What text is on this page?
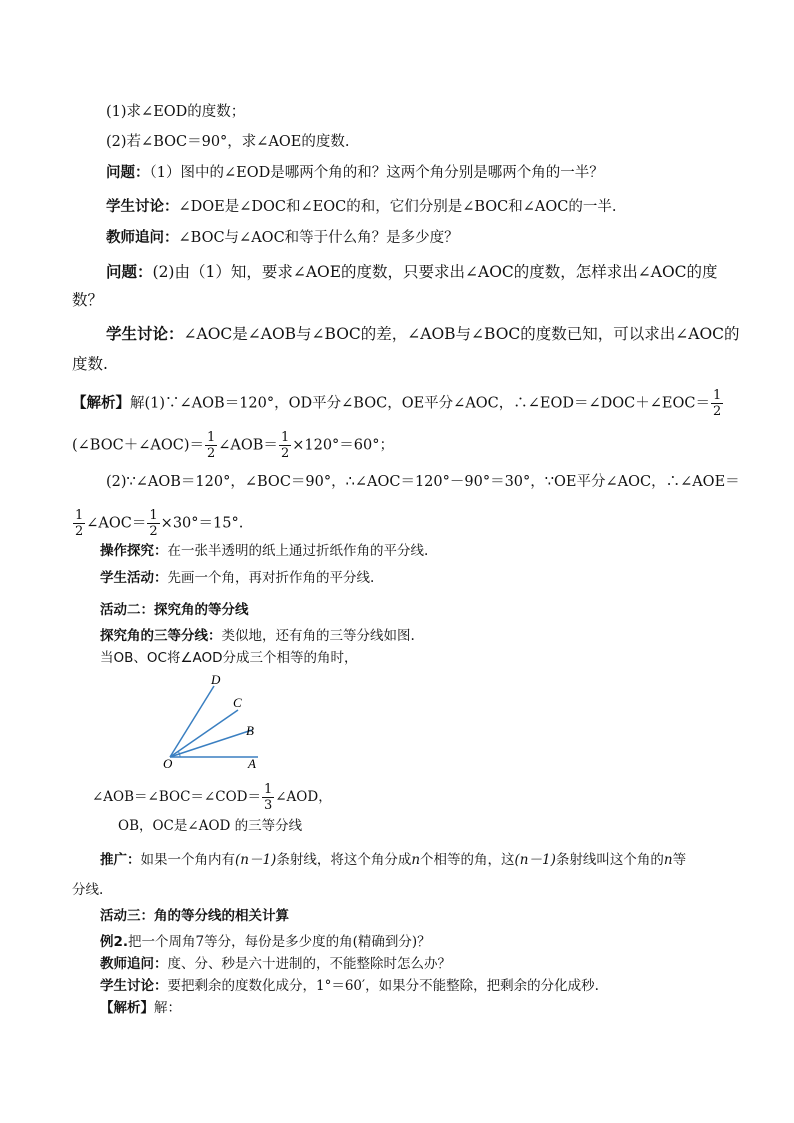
(1)求∠EOD的度数；
(2)若∠BOC＝90°，求∠AOE的度数.
问题：（1）图中的∠EOD是哪两个角的和？这两个角分别是哪两个角的一半？
学生讨论：∠DOE是∠DOC和∠EOC的和，它们分别是∠BOC和∠AOC的一半.
教师追问：∠BOC与∠AOC和等于什么角？是多少度？
问题：(2)由（1）知，要求∠AOE的度数，只要求出∠AOC的度数，怎样求出∠AOC的度
数？
学生讨论：∠AOC是∠AOB与∠BOC的差，∠AOB与∠BOC的度数已知，可以求出∠AOC的
度数.
【解析】解(1)∵∠AOB＝120°，OD平分∠BOC，OE平分∠AOC，∴∠EOD＝∠DOC＋∠EOC＝ $\frac{1}{2}$
(∠BOC＋∠AOC)＝ $\frac{1}{2}$ ∠AOB＝ $\frac{1}{2} \times 120^\circ=60^\circ$；
(2)∵∠AOB＝120°，∠BOC＝90°，∴∠AOC＝120°－90°＝30°，∵OE平分∠AOC，∴∠AOE＝
$\frac{1}{2}$ ∠AOC＝ $\frac{1}{2} \times 30^\circ=15^\circ$.
操作探究：在一张半透明的纸上通过折纸作角的平分线.
学生活动：先画一个角，再对折作角的平分线.
活动二：探究角的等分线
探究角的三等分线：类似地，还有角的三等分线如图.
当OB、OC将∠AOD分成三个相等的角时，
D
C
B
O	A
∠AOB＝∠BOC＝∠COD＝ $\frac{1}{3}$ ∠AOD，
OB，OC是∠AOD 的三等分线
推广：如果一个角内有(n－1)条射线，将这个角分成n个相等的角，这(n－1)条射线叫这个角的n等
分线.
活动三：角的等分线的相关计算
例2.把一个周角7等分，每份是多少度的角(精确到分)？
教师追问：度、分、秒是六十进制的，不能整除时怎么办？
学生讨论：要把剩余的度数化成分，1°＝60′，如果分不能整除，把剩余的分化成秒.
【解析】解：
